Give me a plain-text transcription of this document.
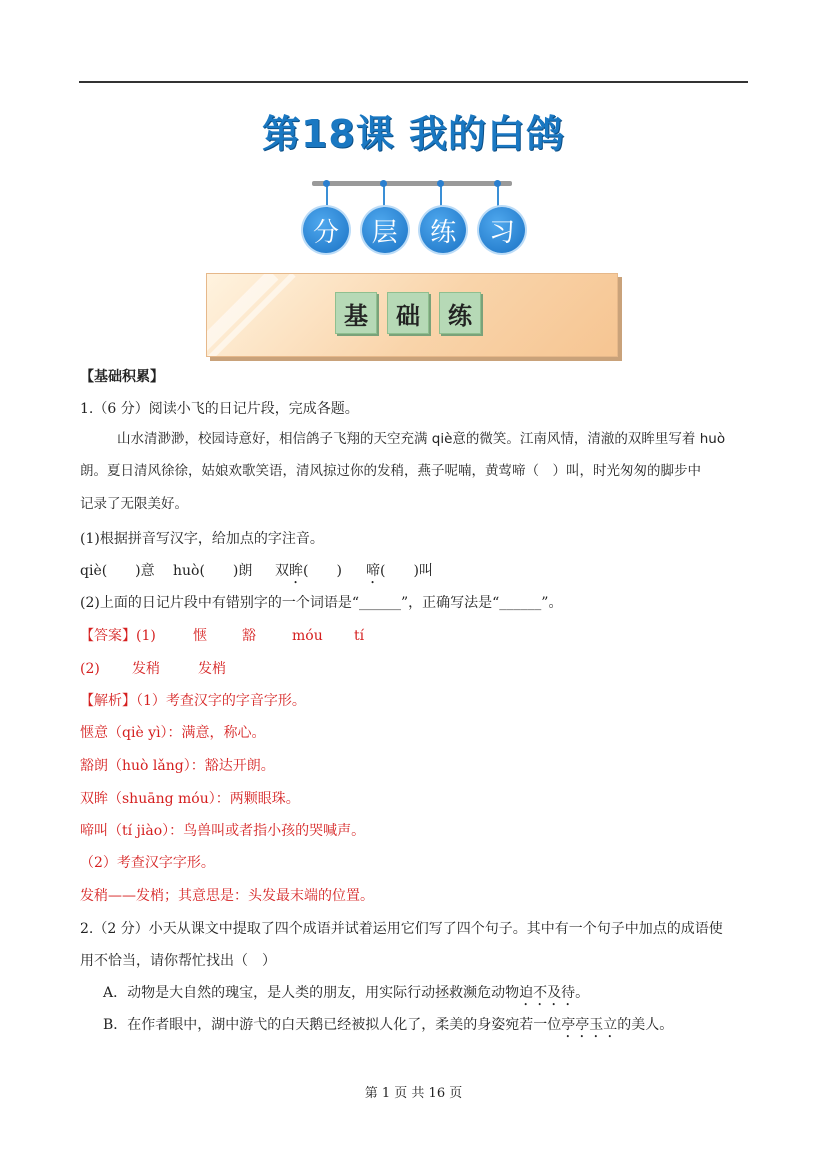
第18课 我的白鸽
分	层	练	习
基	础	练
【基础积累】
1.（6 分）阅读小飞的日记片段，完成各题。
山水清渺渺，校园诗意好，相信鸽子飞翔的天空充满 qiè意的微笑。江南风情，清澈的双眸里写着 huò
朗。夏日清风徐徐，姑娘欢歌笑语，清风掠过你的发稍，燕子呢喃，黄莺啼（　）叫，时光匆匆的脚步中
记录了无限美好。
(1)根据拼音写汉字，给加点的字注音。
qiè(　　)意 huò(　　)朗 双眸(　　) 啼(　　)叫
(2)上面的日记片段中有错别字的一个词语是“______”，正确写法是“______”。
【答案】(1)	惬	豁	móu tí
(2) 发稍	发梢
【解析】（1）考查汉字的字音字形。
惬意（qiè yì）：满意，称心。
豁朗（huò lǎng）：豁达开朗。
双眸（shuāng móu）：两颗眼珠。
啼叫（tí jiào）：鸟兽叫或者指小孩的哭喊声。
（2）考查汉字字形。
发稍——发梢；其意思是：头发最末端的位置。
2.（2 分）小天从课文中提取了四个成语并试着运用它们写了四个句子。其中有一个句子中加点的成语使
用不恰当，请你帮忙找出（　）
A．动物是大自然的瑰宝，是人类的朋友，用实际行动拯救濒危动物迫不及待。
B．在作者眼中，湖中游弋的白天鹅已经被拟人化了，柔美的身姿宛若一位亭亭玉立的美人。
第 1 页 共 16 页
